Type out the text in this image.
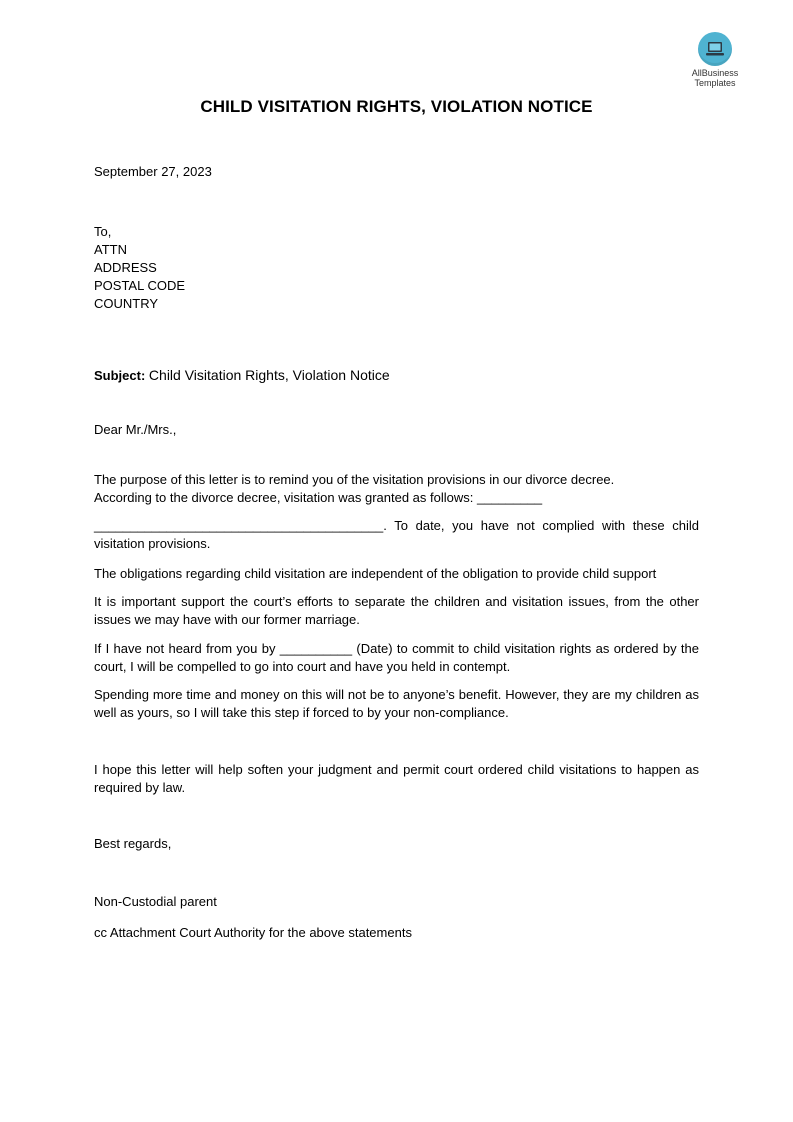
AllBusiness
Templates
CHILD VISITATION RIGHTS, VIOLATION NOTICE
September 27, 2023
To,
ATTN
ADDRESS
POSTAL CODE
COUNTRY
Subject: Child Visitation Rights, Violation Notice
Dear Mr./Mrs.,
The purpose of this letter is to remind you of the visitation provisions in our divorce decree.
According to the divorce decree, visitation was granted as follows: _________
________________________________________. To date, you have not complied with these child visitation provisions.
The obligations regarding child visitation are independent of the obligation to provide child support
It is important support the court’s efforts to separate the children and visitation issues, from the other issues we may have with our former marriage.
If I have not heard from you by __________ (Date) to commit to child visitation rights as ordered by the court, I will be compelled to go into court and have you held in contempt.
Spending more time and money on this will not be to anyone’s benefit. However, they are my children as well as yours, so I will take this step if forced to by your non-compliance.
I hope this letter will help soften your judgment and permit court ordered child visitations to happen as required by law.
Best regards,
Non-Custodial parent
cc Attachment Court Authority for the above statements
